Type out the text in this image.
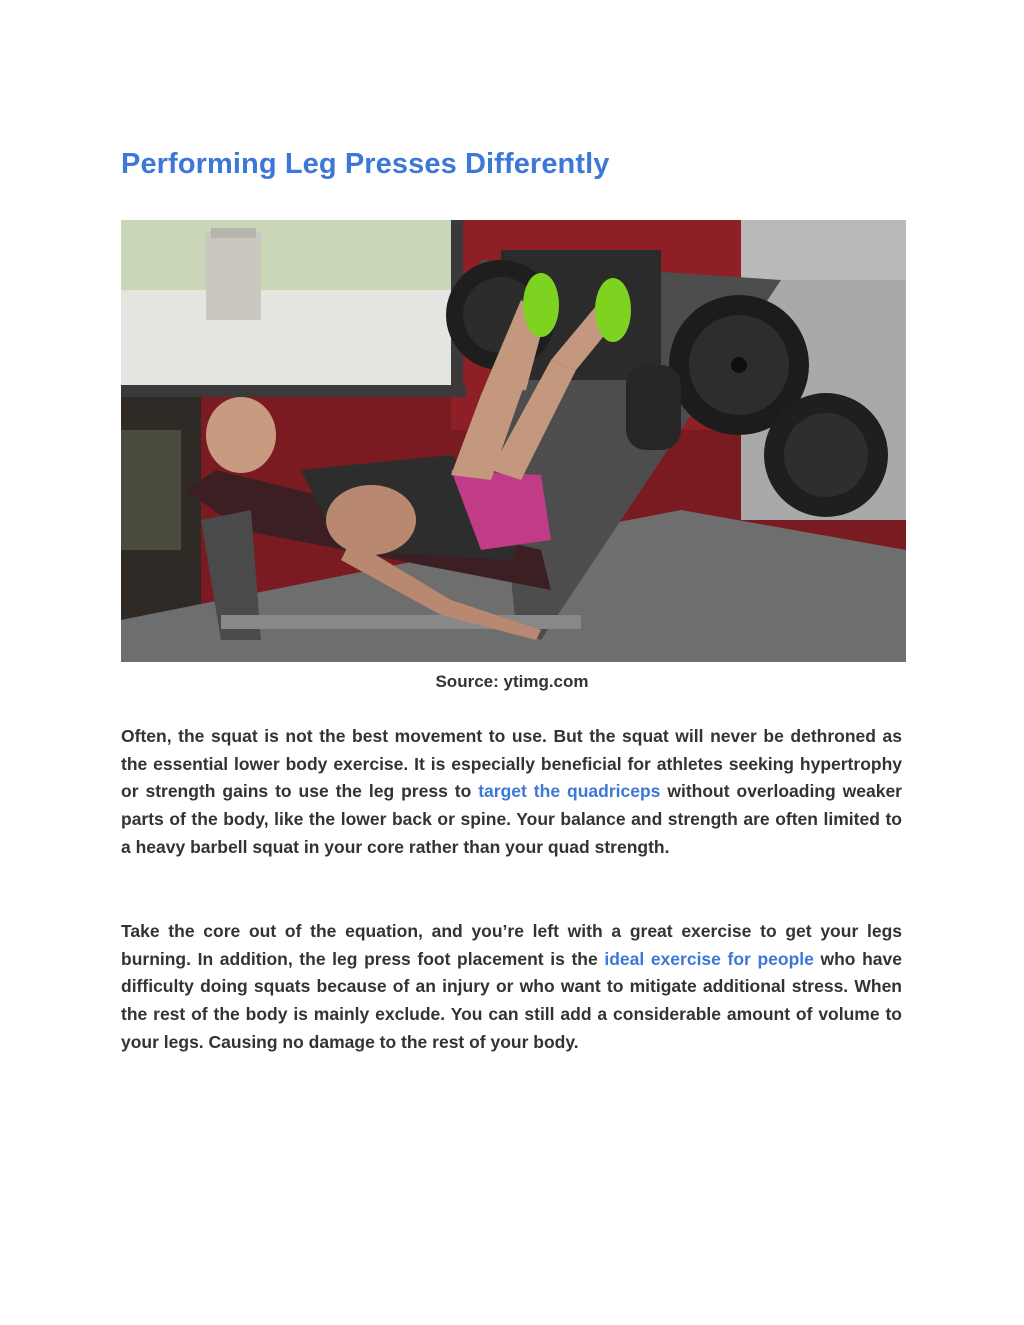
Performing Leg Presses Differently
Source: ytimg.com

Often, the squat is not the best movement to use. But the squat will never be dethroned as the essential lower body exercise. It is especially beneficial for athletes seeking hypertrophy or strength gains to use the leg press to target the quadriceps without overloading weaker parts of the body, like the lower back or spine. Your balance and strength are often limited to a heavy barbell squat in your core rather than your quad strength.

Take the core out of the equation, and you’re left with a great exercise to get your legs burning. In addition, the leg press foot placement is the ideal exercise for people who have difficulty doing squats because of an injury or who want to mitigate additional stress. When the rest of the body is mainly exclude. You can still add a considerable amount of volume to your legs. Causing no damage to the rest of your body.
